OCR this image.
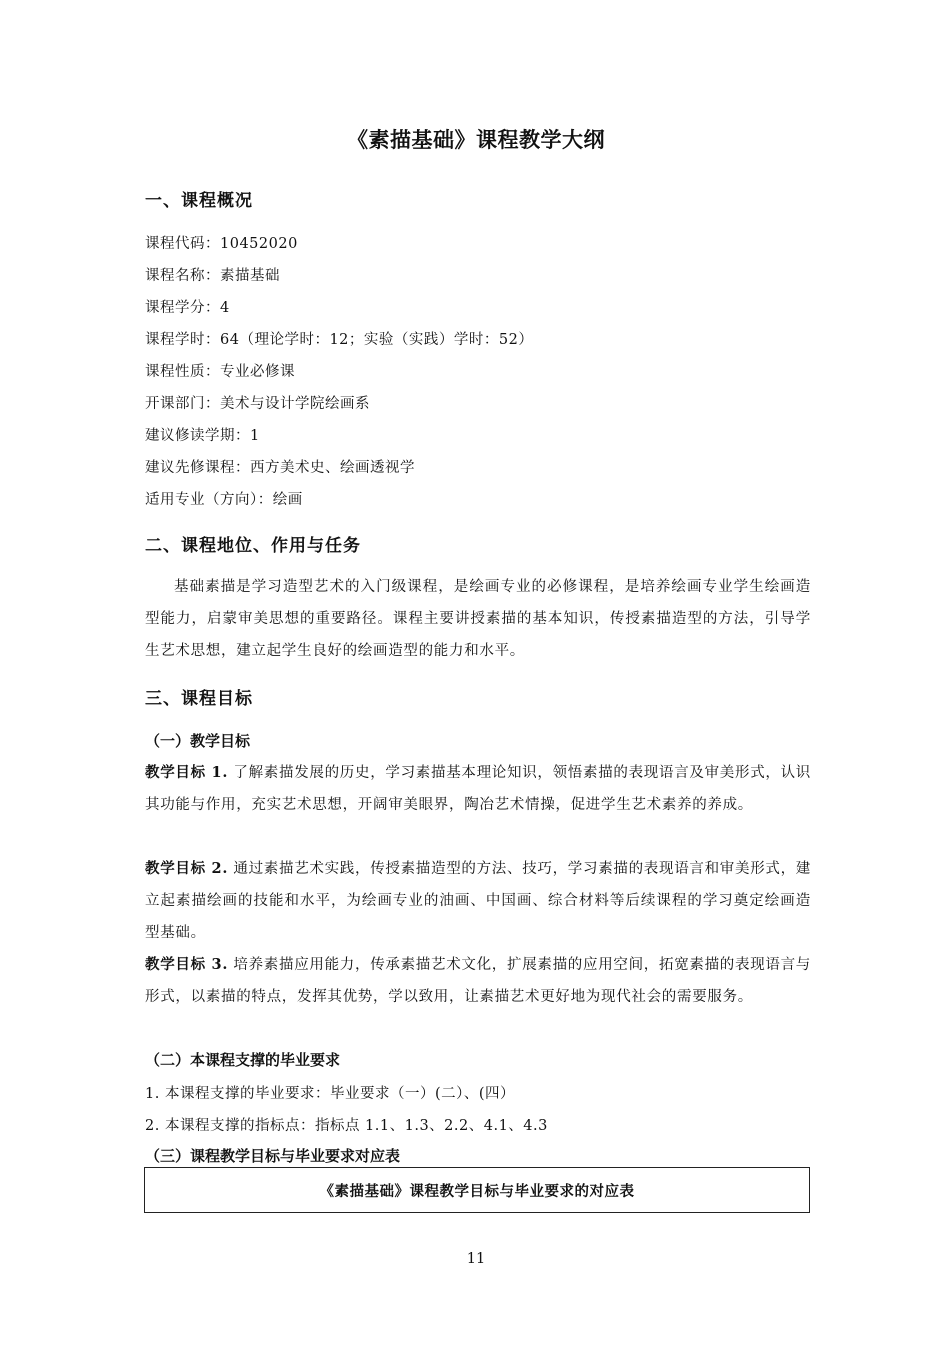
《素描基础》课程教学大纲
一、课程概况
课程代码：10452020
课程名称：素描基础
课程学分：4
课程学时：64（理论学时：12；实验（实践）学时：52）
课程性质：专业必修课
开课部门：美术与设计学院绘画系
建议修读学期：1
建议先修课程：西方美术史、绘画透视学
适用专业（方向）：绘画
二、课程地位、作用与任务
基础素描是学习造型艺术的入门级课程，是绘画专业的必修课程，是培养绘画专业学生绘画造型能力，启蒙审美思想的重要路径。课程主要讲授素描的基本知识，传授素描造型的方法，引导学生艺术思想，建立起学生良好的绘画造型的能力和水平。
三、课程目标
（一）教学目标
教学目标 1. 了解素描发展的历史，学习素描基本理论知识，领悟素描的表现语言及审美形式，认识其功能与作用，充实艺术思想，开阔审美眼界，陶冶艺术情操，促进学生艺术素养的养成。
教学目标 2. 通过素描艺术实践，传授素描造型的方法、技巧，学习素描的表现语言和审美形式，建立起素描绘画的技能和水平，为绘画专业的油画、中国画、综合材料等后续课程的学习奠定绘画造型基础。
教学目标 3. 培养素描应用能力，传承素描艺术文化，扩展素描的应用空间，拓宽素描的表现语言与形式，以素描的特点，发挥其优势，学以致用，让素描艺术更好地为现代社会的需要服务。
（二）本课程支撑的毕业要求
1. 本课程支撑的毕业要求：毕业要求（一）(二）、(四）
2. 本课程支撑的指标点：指标点 1.1、1.3、2.2、4.1、4.3
（三）课程教学目标与毕业要求对应表
《素描基础》课程教学目标与毕业要求的对应表
11
